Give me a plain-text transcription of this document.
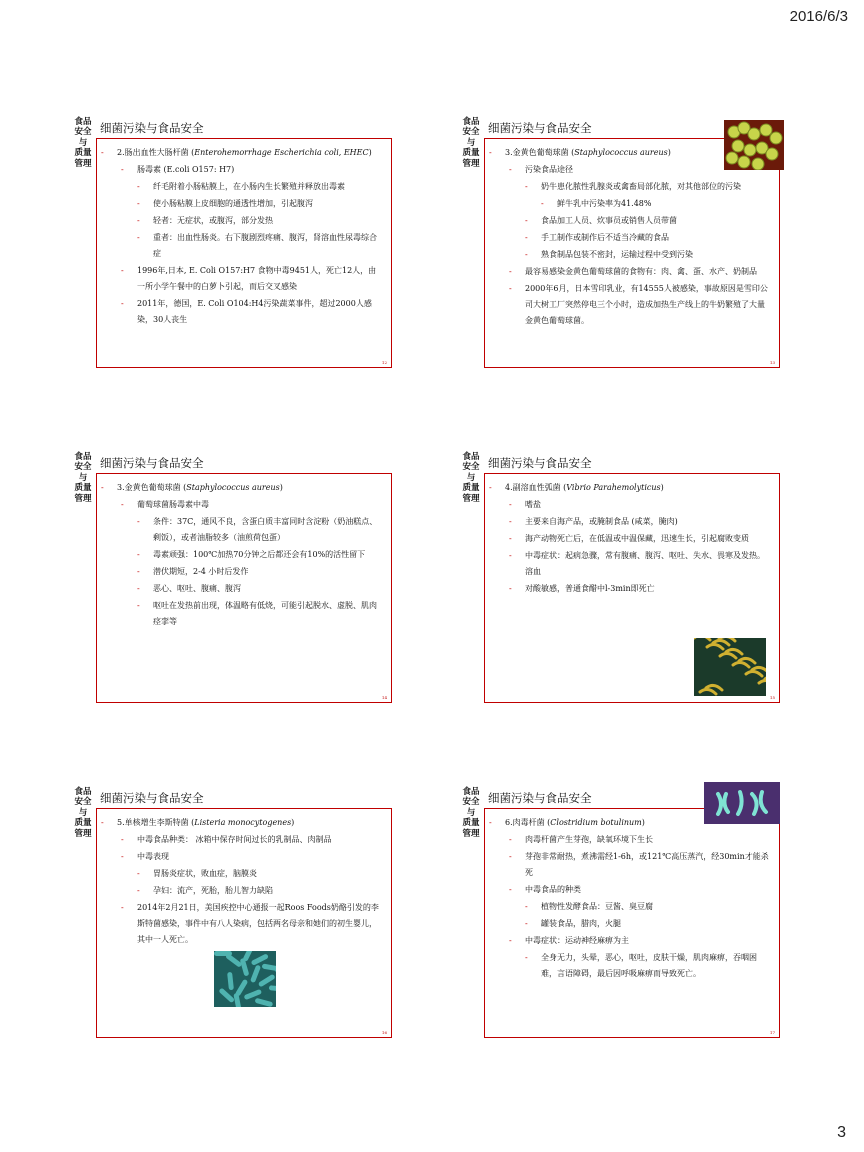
2016/6/3
3
食品
安全
与
质量
管理
细菌污染与食品安全
- 2.肠出血性大肠杆菌 (Enterohemorrhage Escherichia coli, EHEC)
- 肠毒素 (E.coli O157: H7)
- 纤毛附着小肠粘膜上，在小肠内生长繁殖并释放出毒素
- 使小肠粘膜上皮细胞的通透性增加，引起腹泻
- 轻者：无症状，或腹泻，部分发热
- 重者：出血性肠炎。右下腹剧烈疼痛、腹泻，肾溶血性尿毒综合症
- 1996年,日本, E. Coli O157:H7 食物中毒9451人，死亡12人，由一所小学午餐中的白萝卜引起，而后交叉感染
- 2011年，德国，E. Coli O104:H4污染蔬菜事件，超过2000人感染，30人丧生
12
食品
安全
与
质量
管理
细菌污染与食品安全
- 3.金黄色葡萄球菌 (Staphylococcus aureus)
- 污染食品途径
- 奶牛患化脓性乳腺炎或禽畜局部化脓，对其他部位的污染
- 鲜牛乳中污染率为41.48%
- 食品加工人员、炊事员或销售人员带菌
- 手工制作或制作后不适当冷藏的食品
- 熟食制品包装不密封，运输过程中受到污染
- 最容易感染金黄色葡萄球菌的食物有：肉、禽、蛋、水产、奶制品
- 2000年6月，日本雪印乳业，有14555人被感染，事故原因是雪印公司大树工厂突然停电三个小时，造成加热生产线上的牛奶繁殖了大量金黄色葡萄球菌。
13
食品
安全
与
质量
管理
细菌污染与食品安全
- 3.金黄色葡萄球菌 (Staphylococcus aureus)
- 葡萄球菌肠毒素中毒
- 条件：37C，通风不良，含蛋白质丰富同时含淀粉（奶油糕点、剩饭），或者油脂较多（油煎荷包蛋）
- 毒素顽强：100℃加热70分钟之后都还会有10%的活性留下
- 潜伏期短，2-4 小时后发作
- 恶心、呕吐、腹痛、腹泻
- 呕吐在发热前出现，体温略有低烧，可能引起脱水、虚脱、肌肉痉挛等
14
食品
安全
与
质量
管理
细菌污染与食品安全
- 4.副溶血性弧菌 (Vibrio Parahemolyticus)
- 嗜盐
- 主要来自海产品，或腌制食品 (咸菜，腌肉)
- 海产动物死亡后，在低温或中温保藏，迅速生长，引起腐败变质
- 中毒症状：起病急骤，常有腹痛、腹泻、呕吐、失水、畏寒及发热。溶血
- 对酸敏感，普通食醋中l-3min即死亡
15
食品
安全
与
质量
管理
细菌污染与食品安全
- 5.单核增生李斯特菌 (Listeria monocytogenes)
- 中毒食品种类： 冰箱中保存时间过长的乳制品、肉制品
- 中毒表现
- 胃肠炎症状，败血症，脑膜炎
- 孕妇：流产，死胎，胎儿智力缺陷
- 2014年2月21日，美国疾控中心通报一起Roos Foods奶酪引发的李斯特菌感染，事件中有八人染病，包括两名母亲和她们的初生婴儿，其中一人死亡。
16
食品
安全
与
质量
管理
细菌污染与食品安全
- 6.肉毒杆菌 (Clostridium botulinum)
- 肉毒杆菌产生芽孢，缺氧环境下生长
- 芽孢非常耐热，煮沸需经1-6h，或121℃高压蒸汽，经30min才能杀死
- 中毒食品的种类
- 植物性发酵食品：豆酱、臭豆腐
- 罐装食品，腊肉，火腿
- 中毒症状：运动神经麻痹为主
- 全身无力，头晕，恶心，呕吐，皮肤干燥，肌肉麻痹，吞咽困难，言语障碍，最后因呼吸麻痹而导致死亡。
17
